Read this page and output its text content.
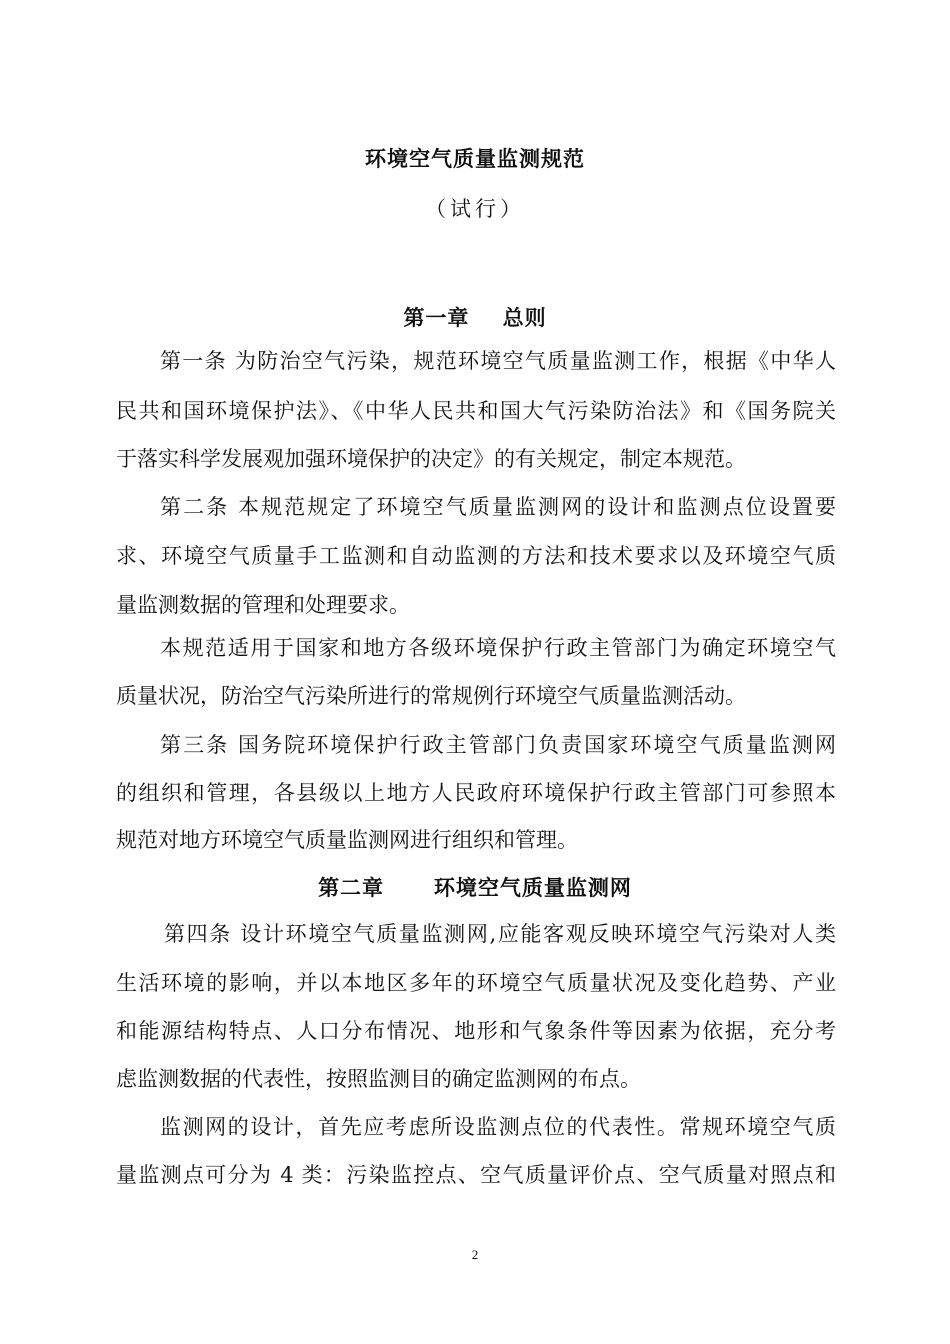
环境空气质量监测规范
（试行）
第一章    总则
第一条 为防治空气污染，规范环境空气质量监测工作，根据《中华人
民共和国环境保护法》、《中华人民共和国大气污染防治法》和《国务院关
于落实科学发展观加强环境保护的决定》的有关规定，制定本规范。
第二条 本规范规定了环境空气质量监测网的设计和监测点位设置要
求、环境空气质量手工监测和自动监测的方法和技术要求以及环境空气质
量监测数据的管理和处理要求。
本规范适用于国家和地方各级环境保护行政主管部门为确定环境空气
质量状况，防治空气污染所进行的常规例行环境空气质量监测活动。
第三条 国务院环境保护行政主管部门负责国家环境空气质量监测网
的组织和管理，各县级以上地方人民政府环境保护行政主管部门可参照本
规范对地方环境空气质量监测网进行组织和管理。
第二章      环境空气质量监测网
第四条 设计环境空气质量监测网,应能客观反映环境空气污染对人类
生活环境的影响，并以本地区多年的环境空气质量状况及变化趋势、产业
和能源结构特点、人口分布情况、地形和气象条件等因素为依据，充分考
虑监测数据的代表性，按照监测目的确定监测网的布点。
监测网的设计，首先应考虑所设监测点位的代表性。常规环境空气质
量监测点可分为 4 类：污染监控点、空气质量评价点、空气质量对照点和
2
